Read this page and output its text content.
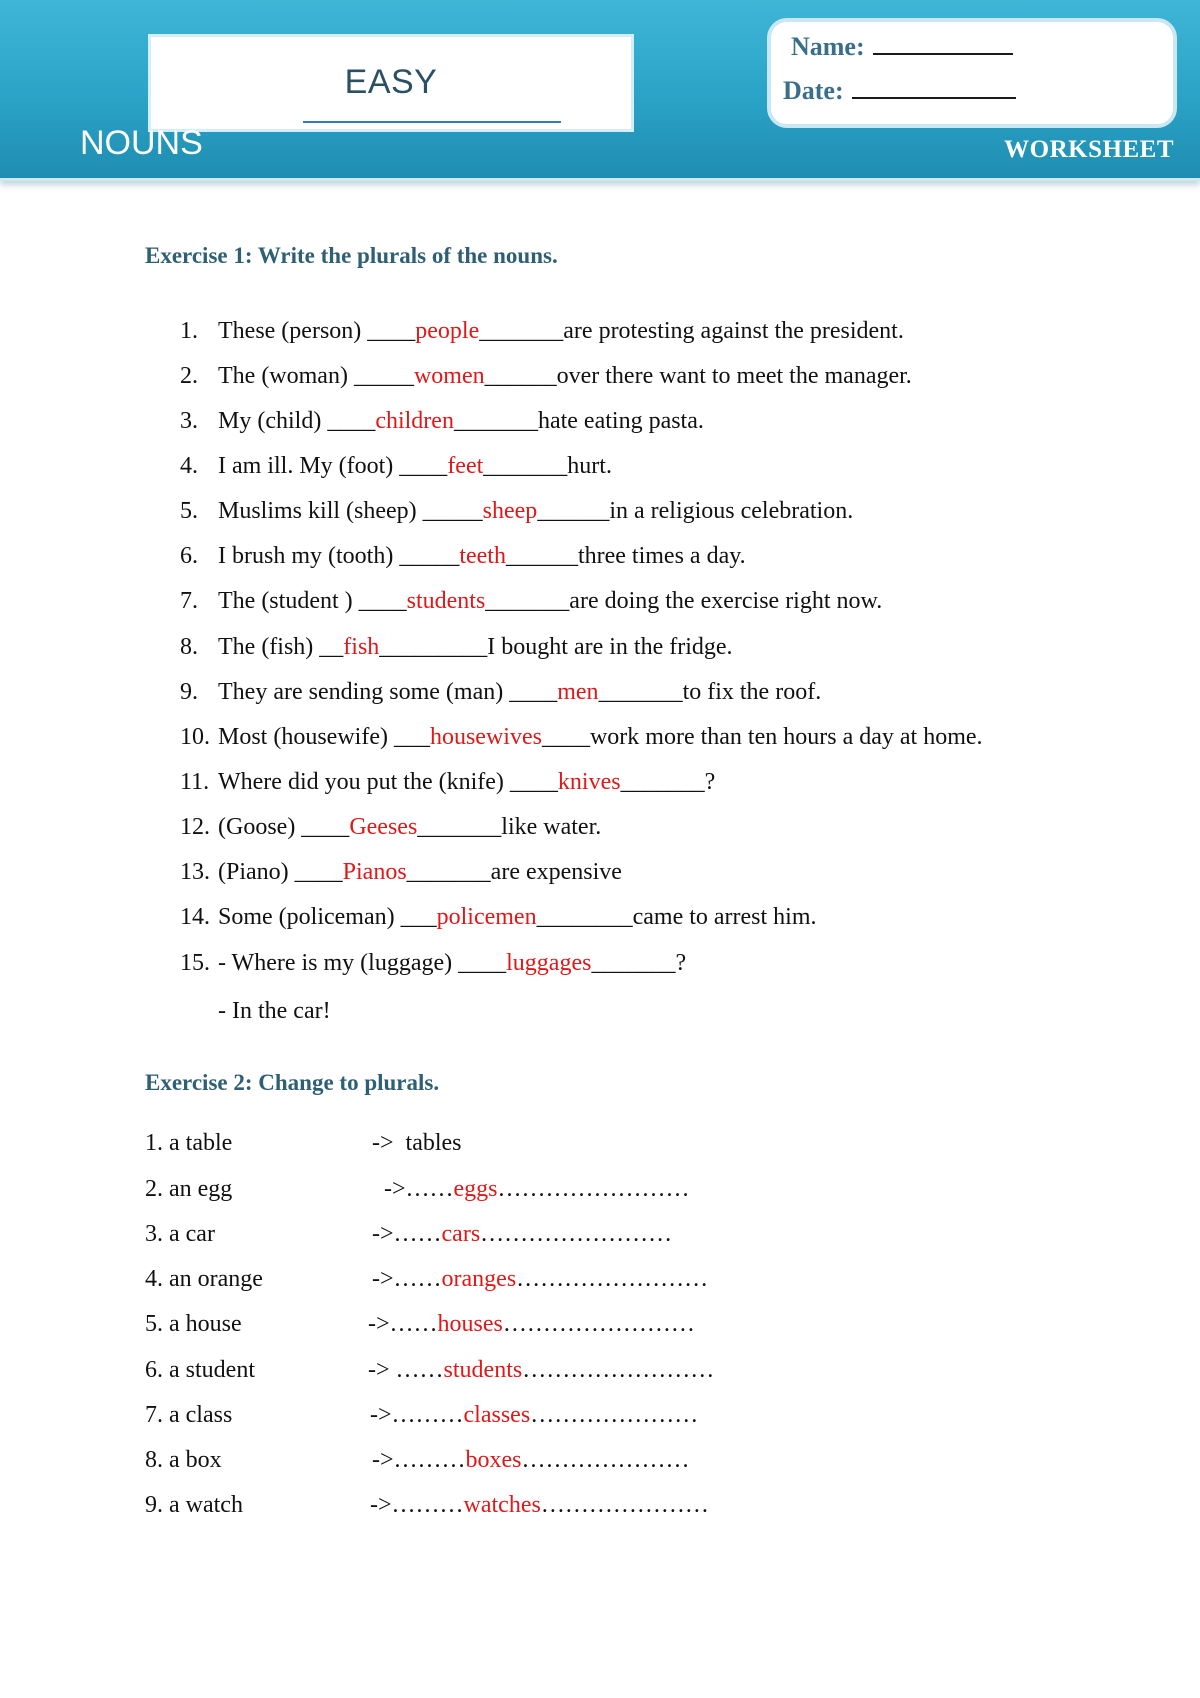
EASY
NOUNS	WORKSHEET
Name:
Date:
Exercise 1: Write the plurals of the nouns.
1. These (person) ____people_______are protesting against the president.
2. The (woman) _____women______over there want to meet the manager.
3. My (child) ____children_______hate eating pasta.
4. I am ill. My (foot) ____feet_______hurt.
5. Muslims kill (sheep) _____sheep______in a religious celebration.
6. I brush my (tooth) _____teeth______three times a day.
7. The (student ) ____students_______are doing the exercise right now.
8. The (fish) __fish_________I bought are in the fridge.
9. They are sending some (man) ____men_______to fix the roof.
10. Most (housewife) ___housewives____work more than ten hours a day at home.
11. Where did you put the (knife) ____knives_______?
12. (Goose) ____Geeses_______like water.
13. (Piano) ____Pianos_______are expensive
14. Some (policeman) ___policemen________came to arrest him.
15. - Where is my (luggage) ____luggages_______?
- In the car!
Exercise 2: Change to plurals.
1. a table	->  tables
2. an egg	->……eggs……………………
3. a car	->……cars……………………
4. an orange	->……oranges……………………
5. a house	->……houses……………………
6. a student	-> ……students……………………
7. a class	->………classes…………………
8. a box	->………boxes…………………
9. a watch	->………watches…………………
